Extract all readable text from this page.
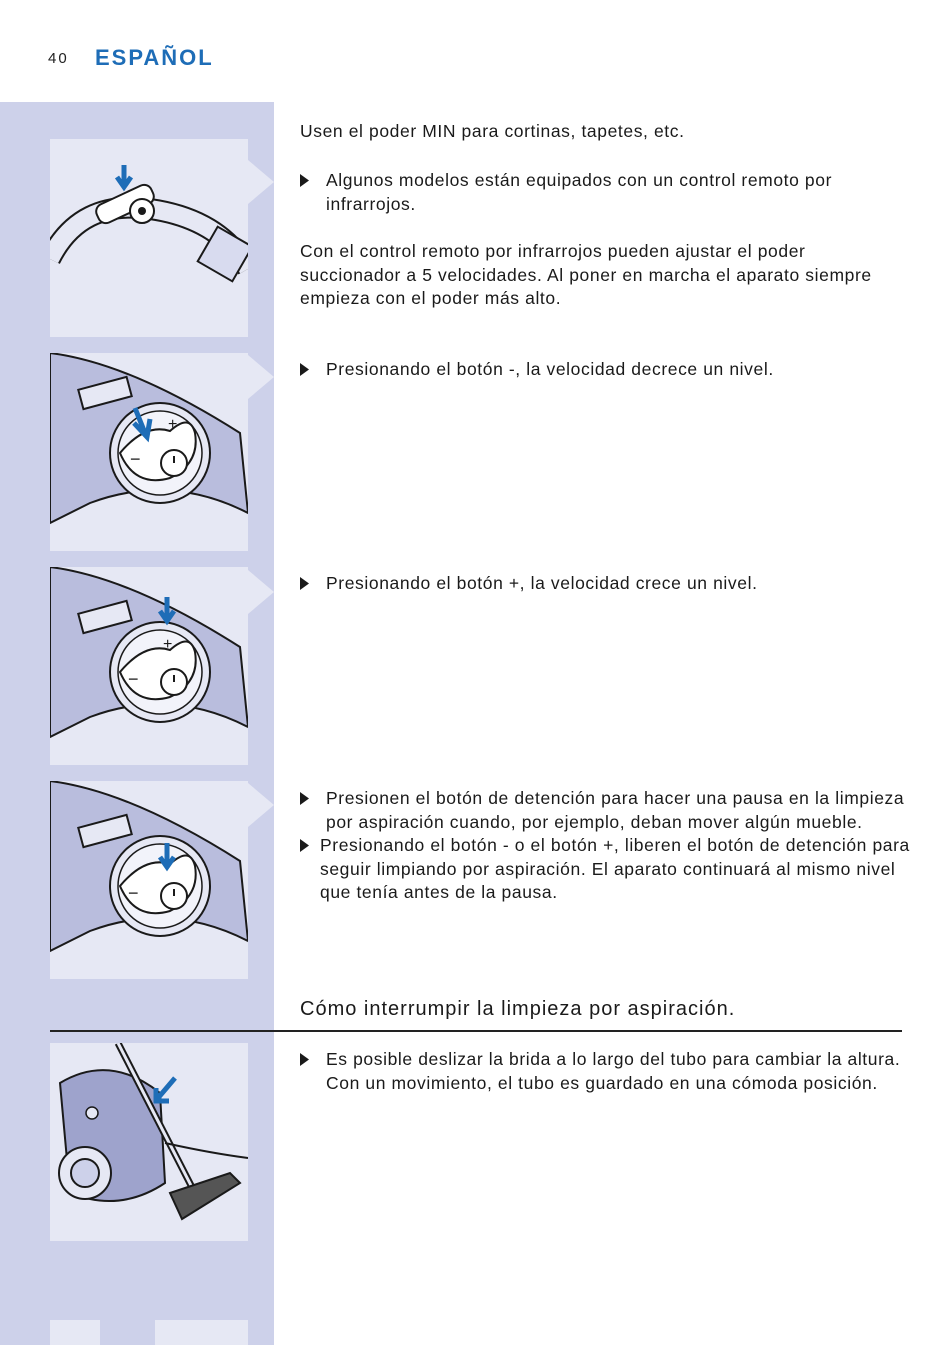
40 ESPAÑOL
−
+
−
+
−

Usen el poder MIN para cortinas, tapetes, etc.

Algunos modelos están equipados con un control remoto por infrarrojos.

Con el control remoto por infrarrojos pueden ajustar el poder succionador a 5 velocidades. Al poner en marcha el aparato siempre empieza con el poder más alto.

Presionando el botón -, la velocidad decrece un nivel.

Presionando el botón +, la velocidad crece un nivel.

Presionen el botón de detención para hacer una pausa en la limpieza por aspiración cuando, por ejemplo, deban mover algún mueble.

Presionando el botón - o el botón +, liberen el botón de detención para seguir limpiando por aspiración. El aparato continuará al mismo nivel que tenía antes de la pausa.

Cómo interrumpir la limpieza por aspiración.

Es posible deslizar la brida a lo largo del tubo para cambiar la altura. Con un movimiento, el tubo es guardado en una cómoda posición.
